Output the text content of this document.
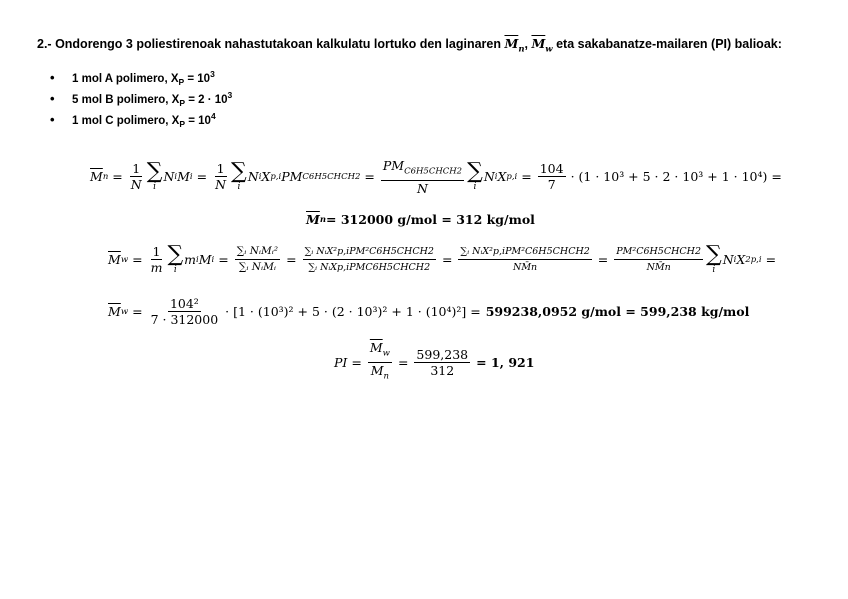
2.- Ondorengo 3 poliestirenoak nahastutakoan kalkulatu lortuko den laginaren $\overline{M}_n$, $\overline{M}_w$ eta sakabanatze-mailaren (PI) balioak:
• 1 mol A polimero, $X_P = 10^3$
• 5 mol B polimero, $X_P = 2 \cdot 10^3$
• 1 mol C polimero, $X_P = 10^4$
$\overline{M}$ $n = \frac{1}{N}$ ∑
i
N i M $i = \frac{1}{N}$ ∑
i
N i X p,i PM C6H5CHCH2 = $\frac{PM_{C6H5CHCH2}}{N}$ ∑
i
N i X $p,i = \frac{104}{7} \cdot (1 \cdot 10^3 + 5 \cdot 2 \cdot 10^3 + 1 \cdot 10^4)$ =
$\overline{M}$ n = 312000 g/mol = 312 kg/mol
$\overline{M}$ $w = \frac{1}{m}$ ∑
i
m i M $i = \frac{\text{∑ᵢ NᵢMᵢ²}}{\text{∑ᵢ NᵢMᵢ}} = \frac{\text{∑ᵢ NᵢX²p,iPM²C6H5CHCH2}}{\text{∑ᵢ NᵢXp,iPMC6H5CHCH2}} = \frac{\text{∑ᵢ NᵢX²p,iPM²C6H5CHCH2}}{NM̄n} = \frac{\text{PM²C6H5CHCH2}}{NM̄n}$ ∑
i
N i X 2 p,i =
$\overline{M}$ $w = \frac{\text{104²}}{7 \cdot 312000} \cdot [1 \cdot (10^3)^2 + 5 \cdot (2 \cdot 10^3)^2 + 1 \cdot (10^4)^2] = 599238,0952$ g/mol = 599,238 kg/mol
PI = $\frac{\overline{M}_w}{\overline{M}_n} = \frac{599,238}{312} = 1$, 921
